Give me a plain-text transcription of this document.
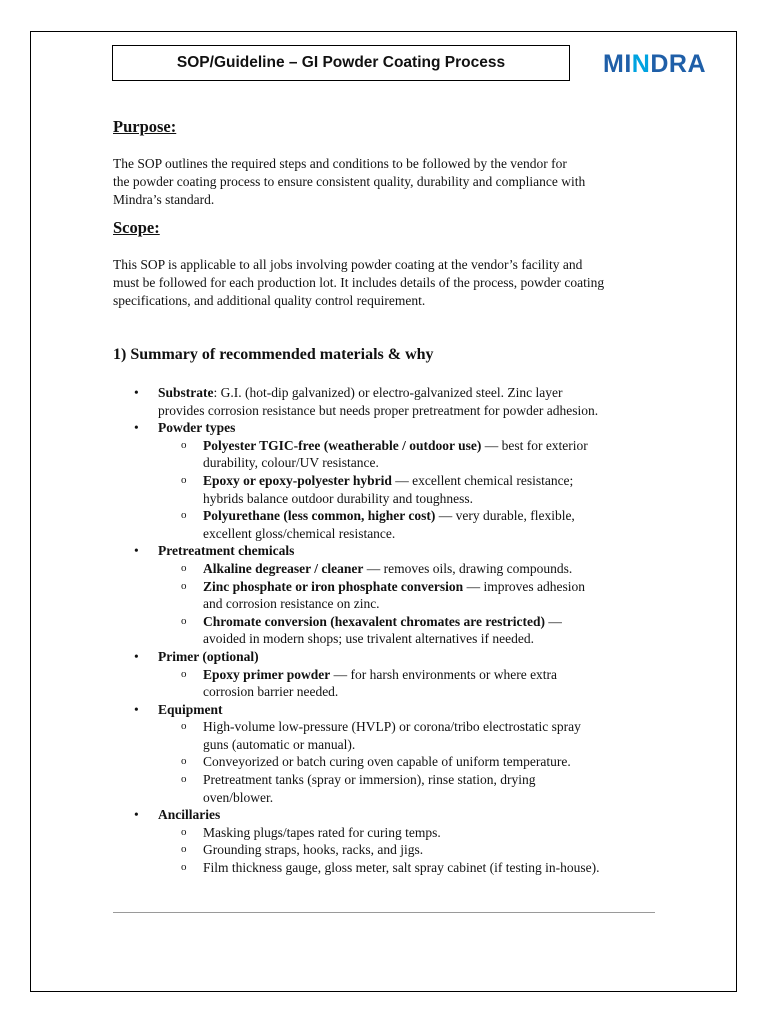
SOP/Guideline – GI Powder Coating Process	MI N DRA
Purpose:
The SOP outlines the required steps and conditions to be followed by the vendor for
the powder coating process to ensure consistent quality, durability and compliance with
Mindra’s standard.
Scope:
This SOP is applicable to all jobs involving powder coating at the vendor’s facility and
must be followed for each production lot. It includes details of the process, powder coating
specifications, and additional quality control requirement.
1) Summary of recommended materials & why
• Substrate: G.I. (hot-dip galvanized) or electro-galvanized steel. Zinc layer
provides corrosion resistance but needs proper pretreatment for powder adhesion.
• Powder types
o Polyester TGIC-free (weatherable / outdoor use) — best for exterior
durability, colour/UV resistance.
o Epoxy or epoxy-polyester hybrid — excellent chemical resistance;
hybrids balance outdoor durability and toughness.
o Polyurethane (less common, higher cost) — very durable, flexible,
excellent gloss/chemical resistance.
• Pretreatment chemicals
o Alkaline degreaser / cleaner — removes oils, drawing compounds.
o Zinc phosphate or iron phosphate conversion — improves adhesion
and corrosion resistance on zinc.
o Chromate conversion (hexavalent chromates are restricted) —
avoided in modern shops; use trivalent alternatives if needed.
• Primer (optional)
o Epoxy primer powder — for harsh environments or where extra
corrosion barrier needed.
• Equipment
o High-volume low-pressure (HVLP) or corona/tribo electrostatic spray
guns (automatic or manual).
o Conveyorized or batch curing oven capable of uniform temperature.
o Pretreatment tanks (spray or immersion), rinse station, drying
oven/blower.
• Ancillaries
o Masking plugs/tapes rated for curing temps.
o Grounding straps, hooks, racks, and jigs.
o Film thickness gauge, gloss meter, salt spray cabinet (if testing in-house).
